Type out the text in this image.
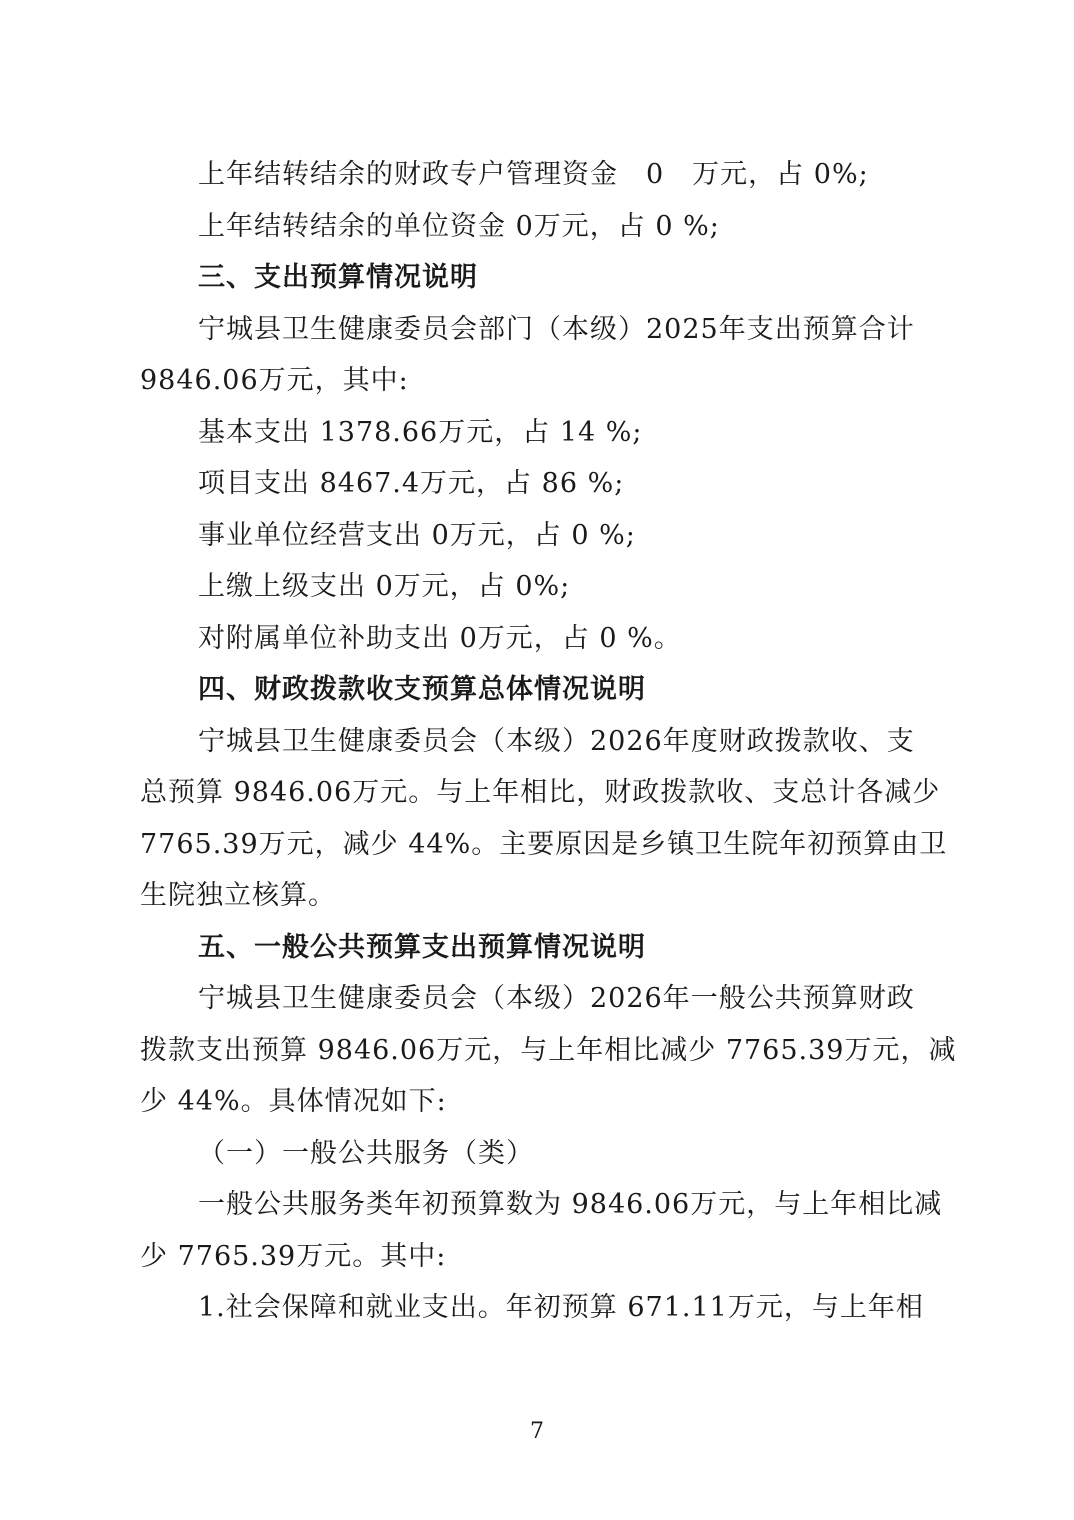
上年结转结余的财政专户管理资金　0　万元，占 0%;
上年结转结余的单位资金 0万元，占 0 %;
三、支出预算情况说明
宁城县卫生健康委员会部门（本级）2025年支出预算合计
9846.06万元，其中:
基本支出 1378.66万元，占 14 %;
项目支出 8467.4万元，占 86 %;
事业单位经营支出 0万元，占 0 %;
上缴上级支出 0万元，占 0%;
对附属单位补助支出 0万元，占 0 %。
四、财政拨款收支预算总体情况说明
宁城县卫生健康委员会（本级）2026年度财政拨款收、支
总预算 9846.06万元。与上年相比，财政拨款收、支总计各减少
7765.39万元，减少 44%。主要原因是乡镇卫生院年初预算由卫
生院独立核算。
五、一般公共预算支出预算情况说明
宁城县卫生健康委员会（本级）2026年一般公共预算财政
拨款支出预算 9846.06万元，与上年相比减少 7765.39万元，减
少 44%。具体情况如下:
（一）一般公共服务（类）
一般公共服务类年初预算数为 9846.06万元，与上年相比减
少 7765.39万元。其中:
1.社会保障和就业支出。年初预算 671.11万元，与上年相
7
